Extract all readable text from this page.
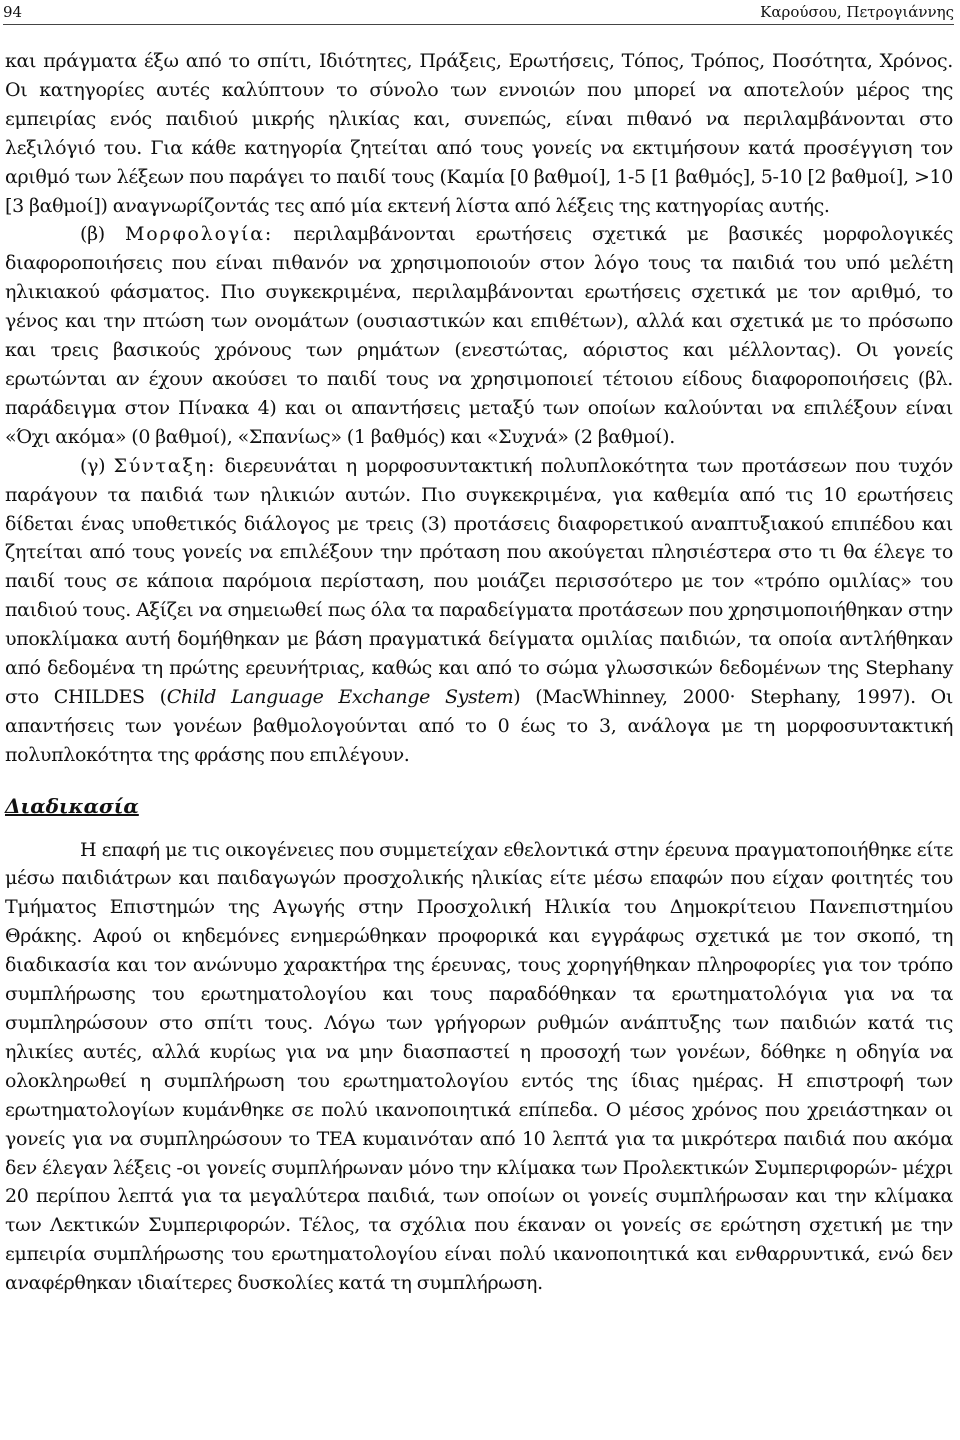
94	Καρούσου, Πετρογιάννης

και πράγματα έξω από το σπίτι, Ιδιότητες, Πράξεις, Ερωτήσεις, Τόπος, Τρόπος, Ποσότητα, Χρόνος. Οι κατηγορίες αυτές καλύπτουν το σύνολο των εννοιών που μπορεί να αποτελούν μέρος της εμπειρίας ενός παιδιού μικρής ηλικίας και, συνεπώς, είναι πιθανό να περιλαμβάνονται στο λεξιλόγιό του. Για κάθε κατηγορία ζητείται από τους γονείς να εκτιμήσουν κατά προσέγγιση τον αριθμό των λέξεων που παράγει το παιδί τους (Καμία [0 βαθμοί], 1-5 [1 βαθμός], 5-10 [2 βαθμοί], >10 [3 βαθμοί]) αναγνωρίζοντάς τες από μία εκτενή λίστα από λέξεις της κατηγορίας αυτής.

(β) Μορφολογία: περιλαμβάνονται ερωτήσεις σχετικά με βασικές μορφολογικές διαφοροποιήσεις που είναι πιθανόν να χρησιμοποιούν στον λόγο τους τα παιδιά του υπό μελέτη ηλικιακού φάσματος. Πιο συγκεκριμένα, περιλαμβάνονται ερωτήσεις σχετικά με τον αριθμό, το γένος και την πτώση των ονομάτων (ουσιαστικών και επιθέτων), αλλά και σχετικά με το πρόσωπο και τρεις βασικούς χρόνους των ρημάτων (ενεστώτας, αόριστος και μέλλοντας). Οι γονείς ερωτώνται αν έχουν ακούσει το παιδί τους να χρησιμοποιεί τέτοιου είδους διαφοροποιήσεις (βλ. παράδειγμα στον Πίνακα 4) και οι απαντήσεις μεταξύ των οποίων καλούνται να επιλέξουν είναι «Όχι ακόμα» (0 βαθμοί), «Σπανίως» (1 βαθμός) και «Συχνά» (2 βαθμοί).

(γ) Σύνταξη: διερευνάται η μορφοσυντακτική πολυπλοκότητα των προτάσεων που τυχόν παράγουν τα παιδιά των ηλικιών αυτών. Πιο συγκεκριμένα, για καθεμία από τις 10 ερωτήσεις δίδεται ένας υποθετικός διάλογος με τρεις (3) προτάσεις διαφορετικού αναπτυξιακού επιπέδου και ζητείται από τους γονείς να επιλέξουν την πρόταση που ακούγεται πλησιέστερα στο τι θα έλεγε το παιδί τους σε κάποια παρόμοια περίσταση, που μοιάζει περισσότερο με τον «τρόπο ομιλίας» του παιδιού τους. Αξίζει να σημειωθεί πως όλα τα παραδείγματα προτάσεων που χρησιμοποιήθηκαν στην υποκλίμακα αυτή δομήθηκαν με βάση πραγματικά δείγματα ομιλίας παιδιών, τα οποία αντλήθηκαν από δεδομένα τη πρώτης ερευνήτριας, καθώς και από το σώμα γλωσσικών δεδομένων της Stephany στο CHILDES (Child Language Exchange System) (MacWhinney, 2000· Stephany, 1997). Οι απαντήσεις των γονέων βαθμολογούνται από το 0 έως το 3, ανάλογα με τη μορφοσυντακτική πολυπλοκότητα της φράσης που επιλέγουν.

Διαδικασία

Η επαφή με τις οικογένειες που συμμετείχαν εθελοντικά στην έρευνα πραγματοποιήθηκε είτε μέσω παιδιάτρων και παιδαγωγών προσχολικής ηλικίας είτε μέσω επαφών που είχαν φοιτητές του Τμήματος Επιστημών της Αγωγής στην Προσχολική Ηλικία του Δημοκρίτειου Πανεπιστημίου Θράκης. Αφού οι κηδεμόνες ενημερώθηκαν προφορικά και εγγράφως σχετικά με τον σκοπό, τη διαδικασία και τον ανώνυμο χαρακτήρα της έρευνας, τους χορηγήθηκαν πληροφορίες για τον τρόπο συμπλήρωσης του ερωτηματολογίου και τους παραδόθηκαν τα ερωτηματολόγια για να τα συμπληρώσουν στο σπίτι τους. Λόγω των γρήγορων ρυθμών ανάπτυξης των παιδιών κατά τις ηλικίες αυτές, αλλά κυρίως για να μην διασπαστεί η προσοχή των γονέων, δόθηκε η οδηγία να ολοκληρωθεί η συμπλήρωση του ερωτηματολογίου εντός της ίδιας ημέρας. Η επιστροφή των ερωτηματολογίων κυμάνθηκε σε πολύ ικανοποιητικά επίπεδα. Ο μέσος χρόνος που χρειάστηκαν οι γονείς για να συμπληρώσουν το ΤΕΑ κυμαινόταν από 10 λεπτά για τα μικρότερα παιδιά που ακόμα δεν έλεγαν λέξεις -οι γονείς συμπλήρωναν μόνο την κλίμακα των Προλεκτικών Συμπεριφορών- μέχρι 20 περίπου λεπτά για τα μεγαλύτερα παιδιά, των οποίων οι γονείς συμπλήρωσαν και την κλίμακα των Λεκτικών Συμπεριφορών. Τέλος, τα σχόλια που έκαναν οι γονείς σε ερώτηση σχετική με την εμπειρία συμπλήρωσης του ερωτηματολογίου είναι πολύ ικανοποιητικά και ενθαρρυντικά, ενώ δεν αναφέρθηκαν ιδιαίτερες δυσκολίες κατά τη συμπλήρωση.
